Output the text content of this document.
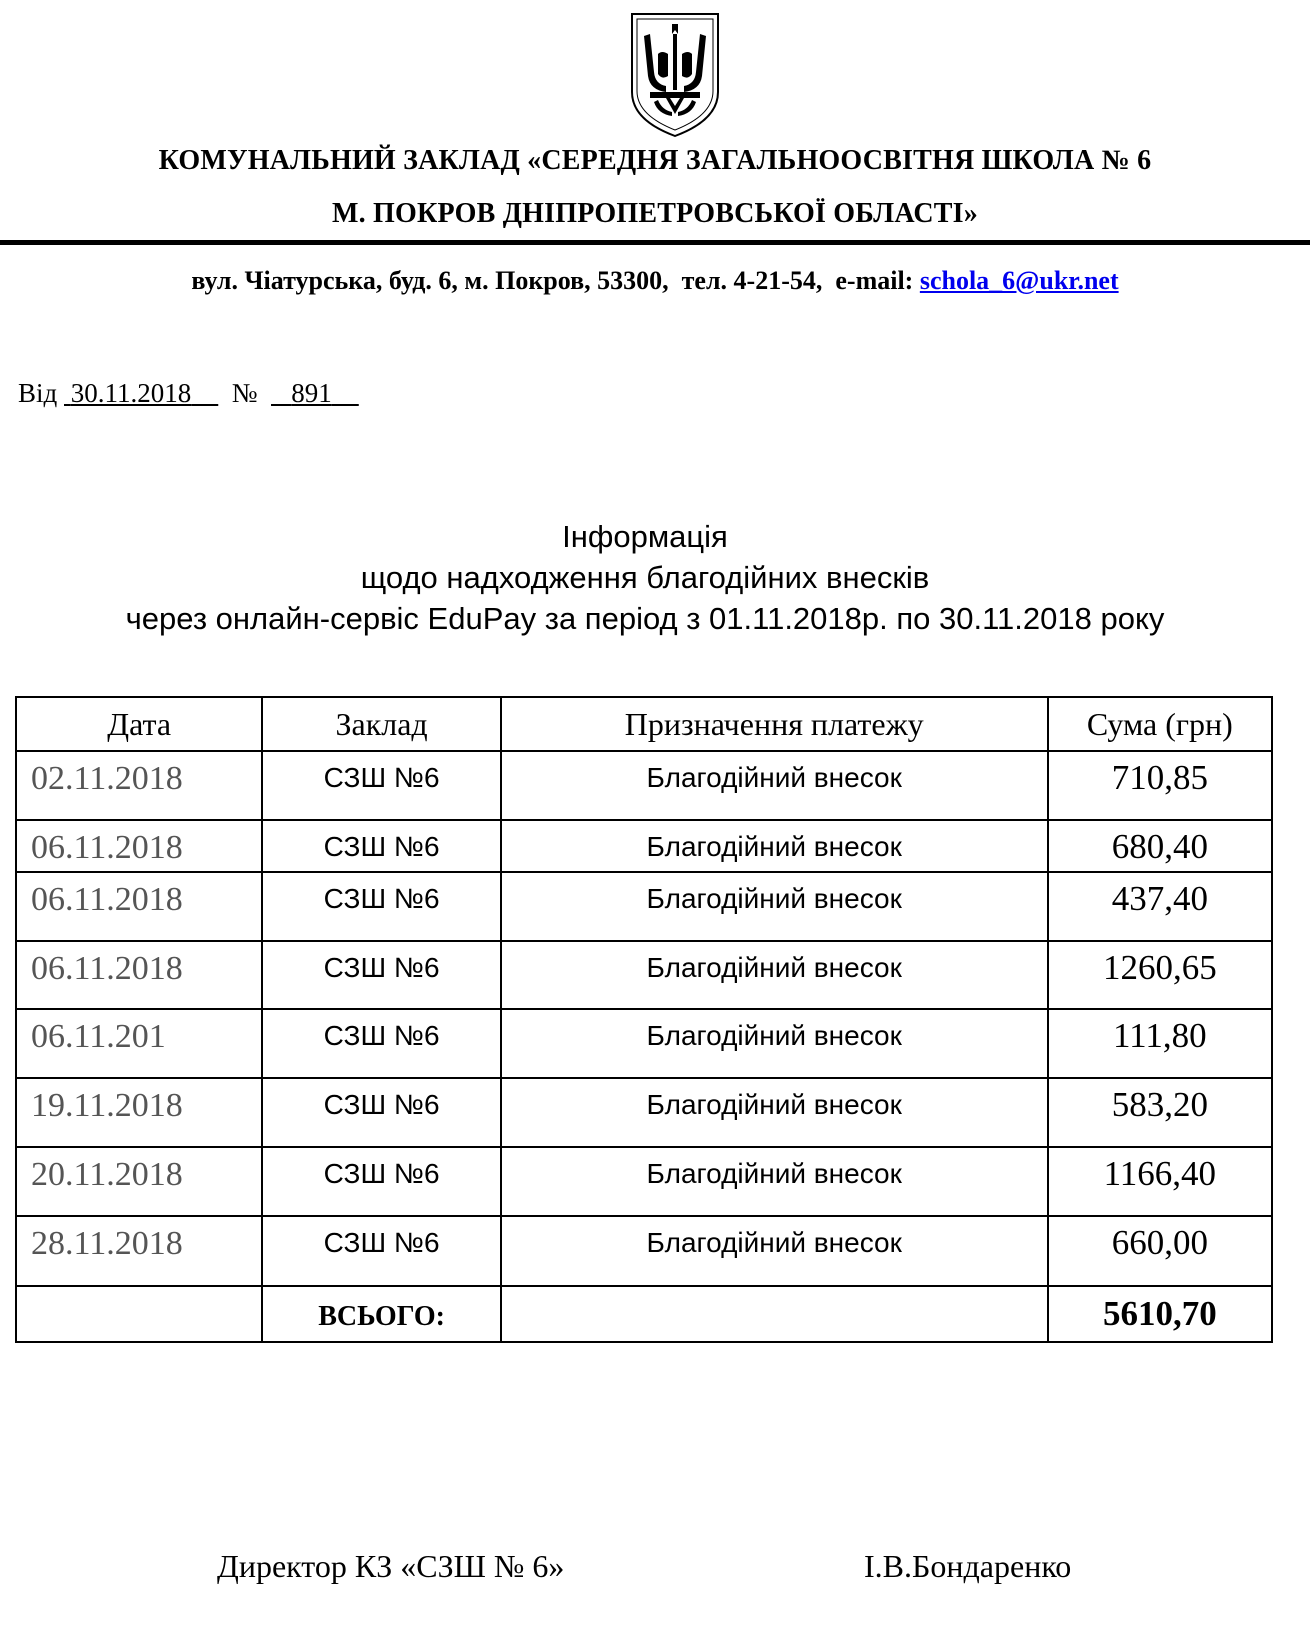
КОМУНАЛЬНИЙ ЗАКЛАД «СЕРЕДНЯ ЗАГАЛЬНООСВІТНЯ ШКОЛА № 6
М. ПОКРОВ ДНІПРОПЕТРОВСЬКОЇ ОБЛАСТІ»
вул. Чіатурська, буд. 6, м. Покров, 53300,  тел. 4-21-54,  e-mail: schola_6@ukr.net
Від 30.11.2018 № 891
Інформація
щодо надходження благодійних внесків
через онлайн-сервіс EduPay за період з 01.11.2018р. по 30.11.2018 року
Дата	Заклад	Призначення платежу	Сума (грн)
02.11.2018	СЗШ №6	Благодійний внесок	710,85
06.11.2018	СЗШ №6	Благодійний внесок	680,40
06.11.2018	СЗШ №6	Благодійний внесок	437,40
06.11.2018	СЗШ №6	Благодійний внесок	1260,65
06.11.201	СЗШ №6	Благодійний внесок	111,80
19.11.2018	СЗШ №6	Благодійний внесок	583,20
20.11.2018	СЗШ №6	Благодійний внесок	1166,40
28.11.2018	СЗШ №6	Благодійний внесок	660,00
	ВСЬОГО:		5610,70
Директор КЗ «СЗШ № 6»	І.В.Бондаренко
